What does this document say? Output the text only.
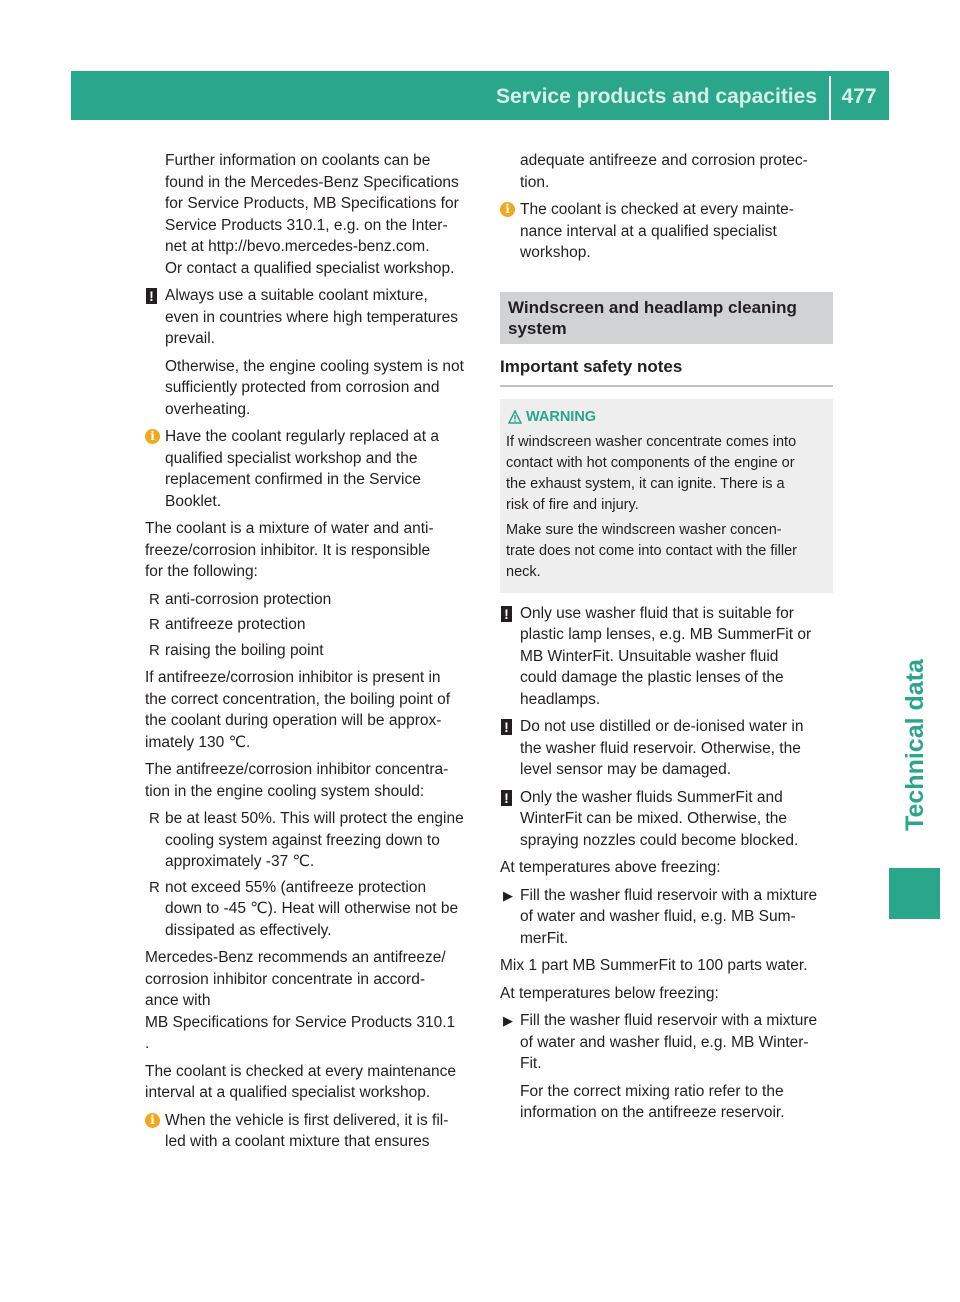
Service products and capacities	477
Technical data
Further information on coolants can be
found in the Mercedes-Benz Specifications
for Service Products, MB Specifications for
Service Products 310.1, e.g. on the Inter-
net at http://bevo.mercedes-benz.com.
Or contact a qualified specialist workshop.
! Always use a suitable coolant mixture,
even in countries where high temperatures
prevail.
Otherwise, the engine cooling system is not
sufficiently protected from corrosion and
overheating.
i Have the coolant regularly replaced at a
qualified specialist workshop and the
replacement confirmed in the Service
Booklet.
The coolant is a mixture of water and anti-
freeze/corrosion inhibitor. It is responsible
for the following:
R anti-corrosion protection
R antifreeze protection
R raising the boiling point
If antifreeze/corrosion inhibitor is present in
the correct concentration, the boiling point of
the coolant during operation will be approx-
imately 130 ℃.
The antifreeze/corrosion inhibitor concentra-
tion in the engine cooling system should:
R be at least 50%. This will protect the engine
cooling system against freezing down to
approximately -37 ℃.
R not exceed 55% (antifreeze protection
down to -45 ℃). Heat will otherwise not be
dissipated as effectively.
Mercedes-Benz recommends an antifreeze/
corrosion inhibitor concentrate in accord-
ance with
MB Specifications for Service Products 310.1
.
The coolant is checked at every maintenance
interval at a qualified specialist workshop.
i When the vehicle is first delivered, it is fil-
led with a coolant mixture that ensures
adequate antifreeze and corrosion protec-
tion.
i The coolant is checked at every mainte-
nance interval at a qualified specialist
workshop.
Windscreen and headlamp cleaning
system
Important safety notes
WARNING
If windscreen washer concentrate comes into
contact with hot components of the engine or
the exhaust system, it can ignite. There is a
risk of fire and injury.
Make sure the windscreen washer concen-
trate does not come into contact with the filler
neck.
! Only use washer fluid that is suitable for
plastic lamp lenses, e.g. MB SummerFit or
MB WinterFit. Unsuitable washer fluid
could damage the plastic lenses of the
headlamps.
! Do not use distilled or de-ionised water in
the washer fluid reservoir. Otherwise, the
level sensor may be damaged.
! Only the washer fluids SummerFit and
WinterFit can be mixed. Otherwise, the
spraying nozzles could become blocked.
At temperatures above freezing:
▶ Fill the washer fluid reservoir with a mixture
of water and washer fluid, e.g. MB Sum-
merFit.
Mix 1 part MB SummerFit to 100 parts water.
At temperatures below freezing:
▶ Fill the washer fluid reservoir with a mixture
of water and washer fluid, e.g. MB Winter-
Fit.
For the correct mixing ratio refer to the
information on the antifreeze reservoir.
